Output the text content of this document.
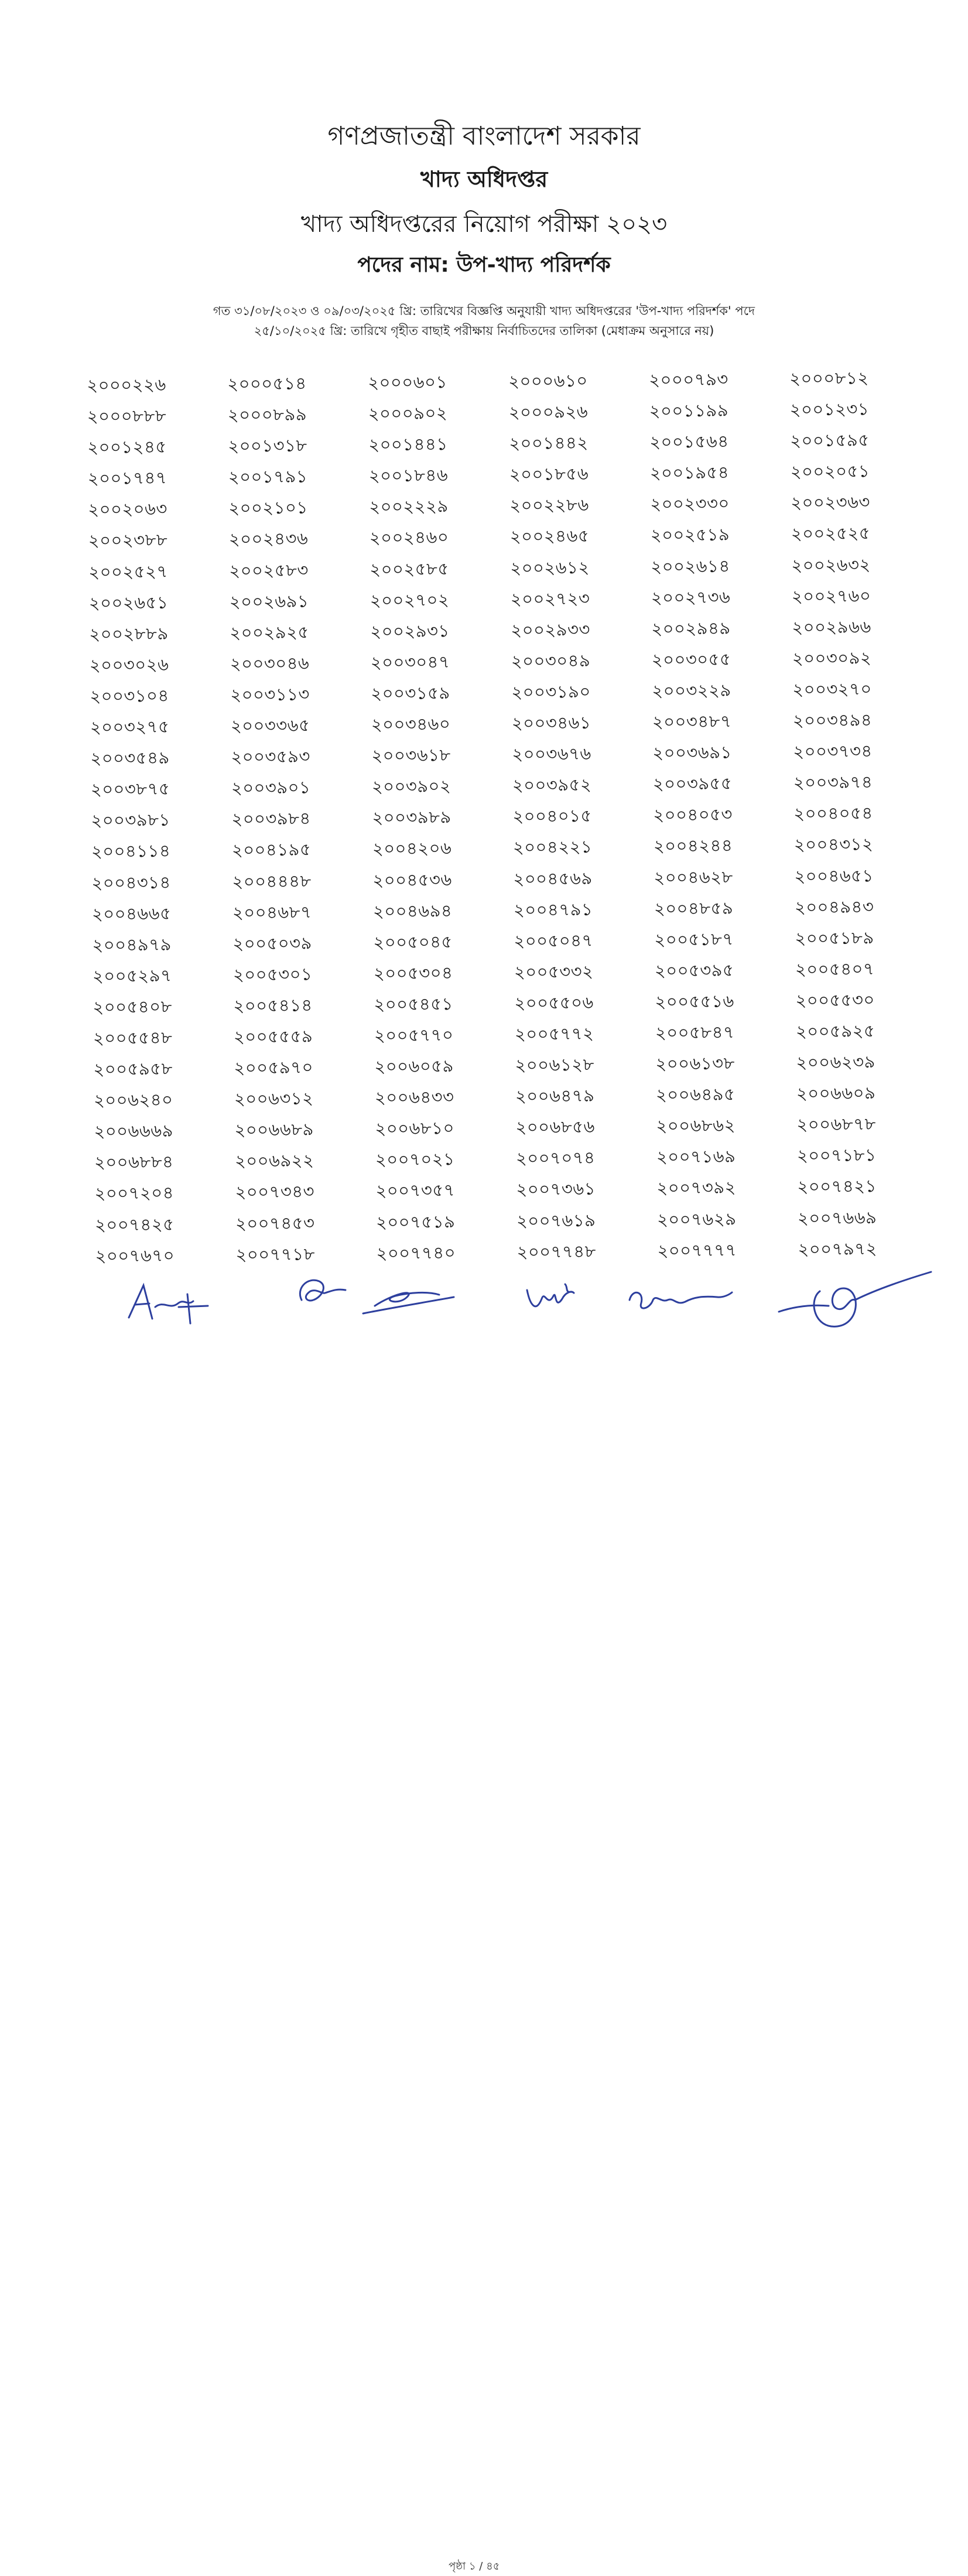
গণপ্রজাতন্ত্রী বাংলাদেশ সরকার
খাদ্য অধিদপ্তর
খাদ্য অধিদপ্তরের নিয়োগ পরীক্ষা ২০২৩
পদের নাম: উপ-খাদ্য পরিদর্শক

গত ৩১/০৮/২০২৩ ও ০৯/০৩/২০২৫ খ্রি: তারিখের বিজ্ঞপ্তি অনুযায়ী খাদ্য অধিদপ্তরের 'উপ-খাদ্য পরিদর্শক' পদে

২৫/১০/২০২৫ খ্রি: তারিখে গৃহীত বাছাই পরীক্ষায় নির্বাচিতদের তালিকা (মেধাক্রম অনুসারে নয়)

২০০০২২৬	২০০০৫১৪	২০০০৬০১	২০০০৬১০	২০০০৭৯৩	২০০০৮১২
২০০০৮৮৮	২০০০৮৯৯	২০০০৯০২	২০০০৯২৬	২০০১১৯৯	২০০১২৩১
২০০১২৪৫	২০০১৩১৮	২০০১৪৪১	২০০১৪৪২	২০০১৫৬৪	২০০১৫৯৫
২০০১৭৪৭	২০০১৭৯১	২০০১৮৪৬	২০০১৮৫৬	২০০১৯৫৪	২০০২০৫১
২০০২০৬৩	২০০২১০১	২০০২২২৯	২০০২২৮৬	২০০২৩৩০	২০০২৩৬৩
২০০২৩৮৮	২০০২৪৩৬	২০০২৪৬০	২০০২৪৬৫	২০০২৫১৯	২০০২৫২৫
২০০২৫২৭	২০০২৫৮৩	২০০২৫৮৫	২০০২৬১২	২০০২৬১৪	২০০২৬৩২
২০০২৬৫১	২০০২৬৯১	২০০২৭০২	২০০২৭২৩	২০০২৭৩৬	২০০২৭৬০
২০০২৮৮৯	২০০২৯২৫	২০০২৯৩১	২০০২৯৩৩	২০০২৯৪৯	২০০২৯৬৬
২০০৩০২৬	২০০৩০৪৬	২০০৩০৪৭	২০০৩০৪৯	২০০৩০৫৫	২০০৩০৯২
২০০৩১০৪	২০০৩১১৩	২০০৩১৫৯	২০০৩১৯০	২০০৩২২৯	২০০৩২৭০
২০০৩২৭৫	২০০৩৩৬৫	২০০৩৪৬০	২০০৩৪৬১	২০০৩৪৮৭	২০০৩৪৯৪
২০০৩৫৪৯	২০০৩৫৯৩	২০০৩৬১৮	২০০৩৬৭৬	২০০৩৬৯১	২০০৩৭৩৪
২০০৩৮৭৫	২০০৩৯০১	২০০৩৯০২	২০০৩৯৫২	২০০৩৯৫৫	২০০৩৯৭৪
২০০৩৯৮১	২০০৩৯৮৪	২০০৩৯৮৯	২০০৪০১৫	২০০৪০৫৩	২০০৪০৫৪
২০০৪১১৪	২০০৪১৯৫	২০০৪২০৬	২০০৪২২১	২০০৪২৪৪	২০০৪৩১২
২০০৪৩১৪	২০০৪৪৪৮	২০০৪৫৩৬	২০০৪৫৬৯	২০০৪৬২৮	২০০৪৬৫১
২০০৪৬৬৫	২০০৪৬৮৭	২০০৪৬৯৪	২০০৪৭৯১	২০০৪৮৫৯	২০০৪৯৪৩
২০০৪৯৭৯	২০০৫০৩৯	২০০৫০৪৫	২০০৫০৪৭	২০০৫১৮৭	২০০৫১৮৯
২০০৫২৯৭	২০০৫৩০১	২০০৫৩০৪	২০০৫৩৩২	২০০৫৩৯৫	২০০৫৪০৭
২০০৫৪০৮	২০০৫৪১৪	২০০৫৪৫১	২০০৫৫০৬	২০০৫৫১৬	২০০৫৫৩০
২০০৫৫৪৮	২০০৫৫৫৯	২০০৫৭৭০	২০০৫৭৭২	২০০৫৮৪৭	২০০৫৯২৫
২০০৫৯৫৮	২০০৫৯৭০	২০০৬০৫৯	২০০৬১২৮	২০০৬১৩৮	২০০৬২৩৯
২০০৬২৪০	২০০৬৩১২	২০০৬৪৩৩	২০০৬৪৭৯	২০০৬৪৯৫	২০০৬৬০৯
২০০৬৬৬৯	২০০৬৬৮৯	২০০৬৮১০	২০০৬৮৫৬	২০০৬৮৬২	২০০৬৮৭৮
২০০৬৮৮৪	২০০৬৯২২	২০০৭০২১	২০০৭০৭৪	২০০৭১৬৯	২০০৭১৮১
২০০৭২০৪	২০০৭৩৪৩	২০০৭৩৫৭	২০০৭৩৬১	২০০৭৩৯২	২০০৭৪২১
২০০৭৪২৫	২০০৭৪৫৩	২০০৭৫১৯	২০০৭৬১৯	২০০৭৬২৯	২০০৭৬৬৯
২০০৭৬৭০	২০০৭৭১৮	২০০৭৭৪০	২০০৭৭৪৮	২০০৭৭৭৭	২০০৭৯৭২
পৃষ্ঠা ১ / ৪৫
